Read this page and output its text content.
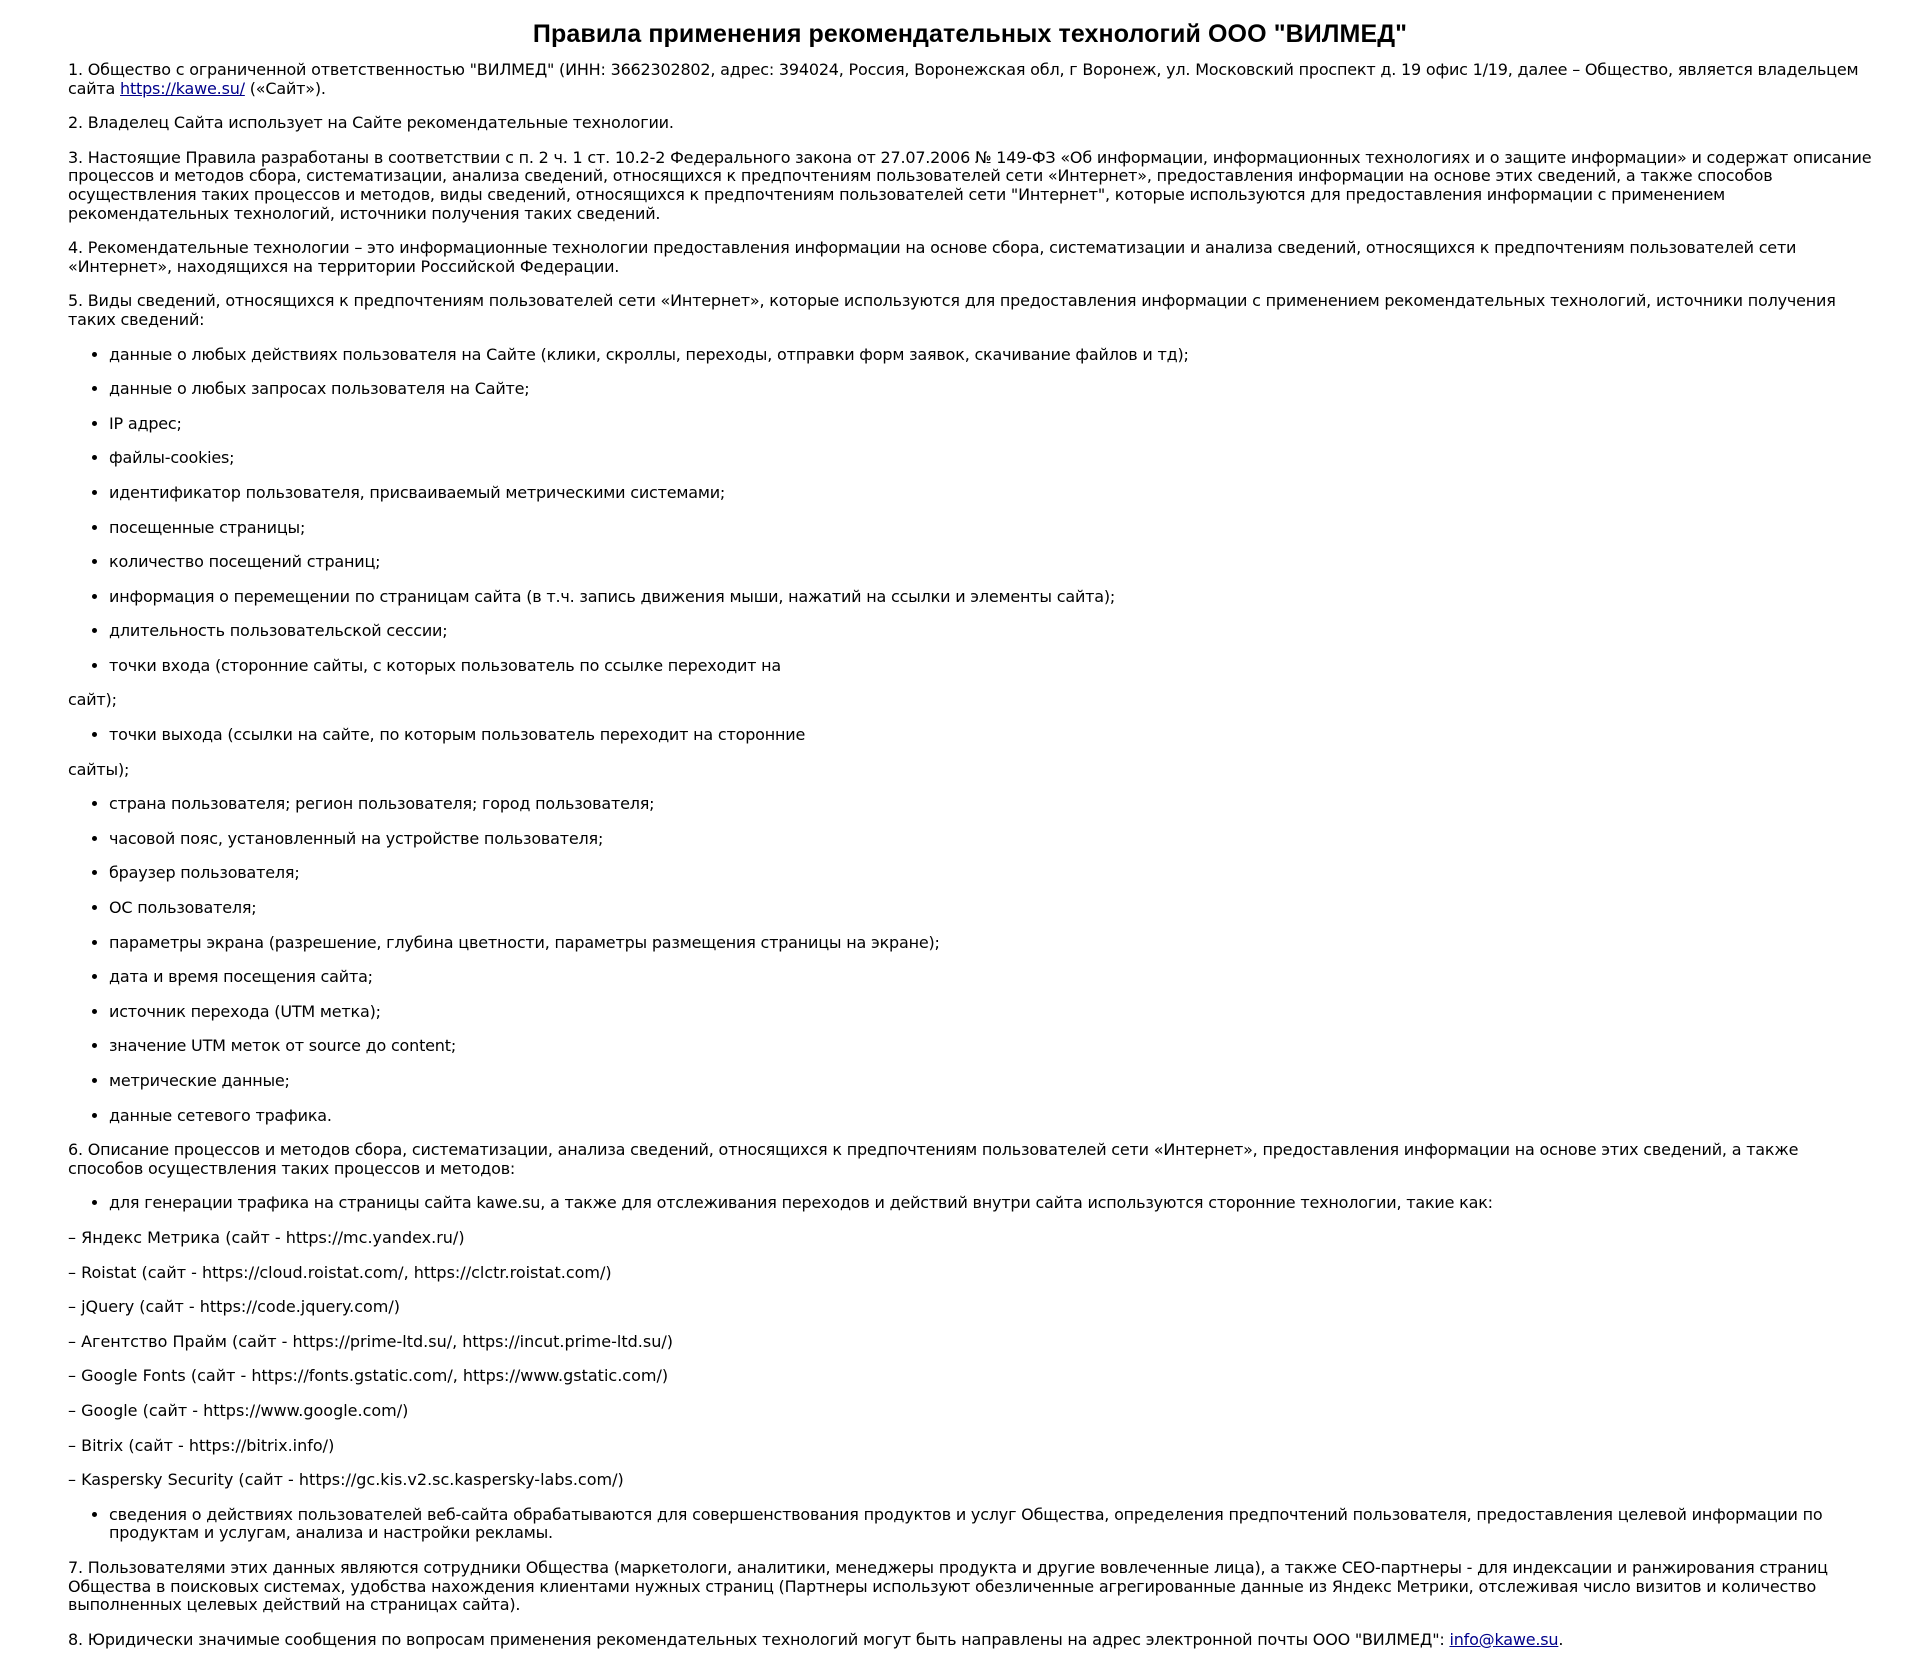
Правила применения рекомендательных технологий ООО "ВИЛМЕД"

1. Общество с ограниченной ответственностью "ВИЛМЕД" (ИНН: 3662302802, адрес: 394024, Россия, Воронежская обл, г Воронеж, ул. Московский проспект д. 19 офис 1/19, далее – Общество, является владельцем сайта https://kawe.su/ («Сайт»).

2. Владелец Сайта использует на Сайте рекомендательные технологии.

3. Настоящие Правила разработаны в соответствии с п. 2 ч. 1 ст. 10.2-2 Федерального закона от 27.07.2006 № 149-ФЗ «Об информации, информационных технологиях и о защите информации» и содержат описание процессов и методов сбора, систематизации, анализа сведений, относящихся к предпочтениям пользователей сети «Интернет», предоставления информации на основе этих сведений, а также способов осуществления таких процессов и методов, виды сведений, относящихся к предпочтениям пользователей сети "Интернет", которые используются для предоставления информации с применением рекомендательных технологий, источники получения таких сведений.

4. Рекомендательные технологии – это информационные технологии предоставления информации на основе сбора, систематизации и анализа сведений, относящихся к предпочтениям пользователей сети «Интернет», находящихся на территории Российской Федерации.

5. Виды сведений, относящихся к предпочтениям пользователей сети «Интернет», которые используются для предоставления информации с применением рекомендательных технологий, источники получения таких сведений:

• данные о любых действиях пользователя на Сайте (клики, скроллы, переходы, отправки форм заявок, скачивание файлов и тд);
• данные о любых запросах пользователя на Сайте;
• IP адрес;
• файлы-cookies;
• идентификатор пользователя, присваиваемый метрическими системами;
• посещенные страницы;
• количество посещений страниц;
• информация о перемещении по страницам сайта (в т.ч. запись движения мыши, нажатий на ссылки и элементы сайта);
• длительность пользовательской сессии;
• точки входа (сторонние сайты, с которых пользователь по ссылке переходит на

сайт);

• точки выхода (ссылки на сайте, по которым пользователь переходит на сторонние

сайты);

• страна пользователя; регион пользователя; город пользователя;
• часовой пояс, установленный на устройстве пользователя;
• браузер пользователя;
• ОС пользователя;
• параметры экрана (разрешение, глубина цветности, параметры размещения страницы на экране);
• дата и время посещения сайта;
• источник перехода (UTM метка);
• значение UTM меток от source до content;
• метрические данные;
• данные сетевого трафика.

6. Описание процессов и методов сбора, систематизации, анализа сведений, относящихся к предпочтениям пользователей сети «Интернет», предоставления информации на основе этих сведений, а также способов осуществления таких процессов и методов:

• для генерации трафика на страницы сайта kawe.su, а также для отслеживания переходов и действий внутри сайта используются сторонние технологии, такие как:
– Яндекс Метрика (сайт - https://mc.yandex.ru/)
– Roistat (сайт - https://cloud.roistat.com/, https://clctr.roistat.com/)
– jQuery (сайт - https://code.jquery.com/)
– Агентство Прайм (сайт - https://prime-ltd.su/, https://incut.prime-ltd.su/)
– Google Fonts (сайт - https://fonts.gstatic.com/, https://www.gstatic.com/)
– Google (сайт - https://www.google.com/)
– Bitrix (сайт - https://bitrix.info/)
– Kaspersky Security (сайт - https://gc.kis.v2.sc.kaspersky-labs.com/)
• сведения о действиях пользователей веб-сайта обрабатываются для совершенствования продуктов и услуг Общества, определения предпочтений пользователя, предоставления целевой информации по продуктам и услугам, анализа и настройки рекламы.

7. Пользователями этих данных являются сотрудники Общества (маркетологи, аналитики, менеджеры продукта и другие вовлеченные лица), а также СЕО-партнеры - для индексации и ранжирования страниц Общества в поисковых системах, удобства нахождения клиентами нужных страниц (Партнеры используют обезличенные агрегированные данные из Яндекс Метрики, отслеживая число визитов и количество выполненных целевых действий на страницах сайта).

8. Юридически значимые сообщения по вопросам применения рекомендательных технологий могут быть направлены на адрес электронной почты ООО "ВИЛМЕД": info@kawe.su.
